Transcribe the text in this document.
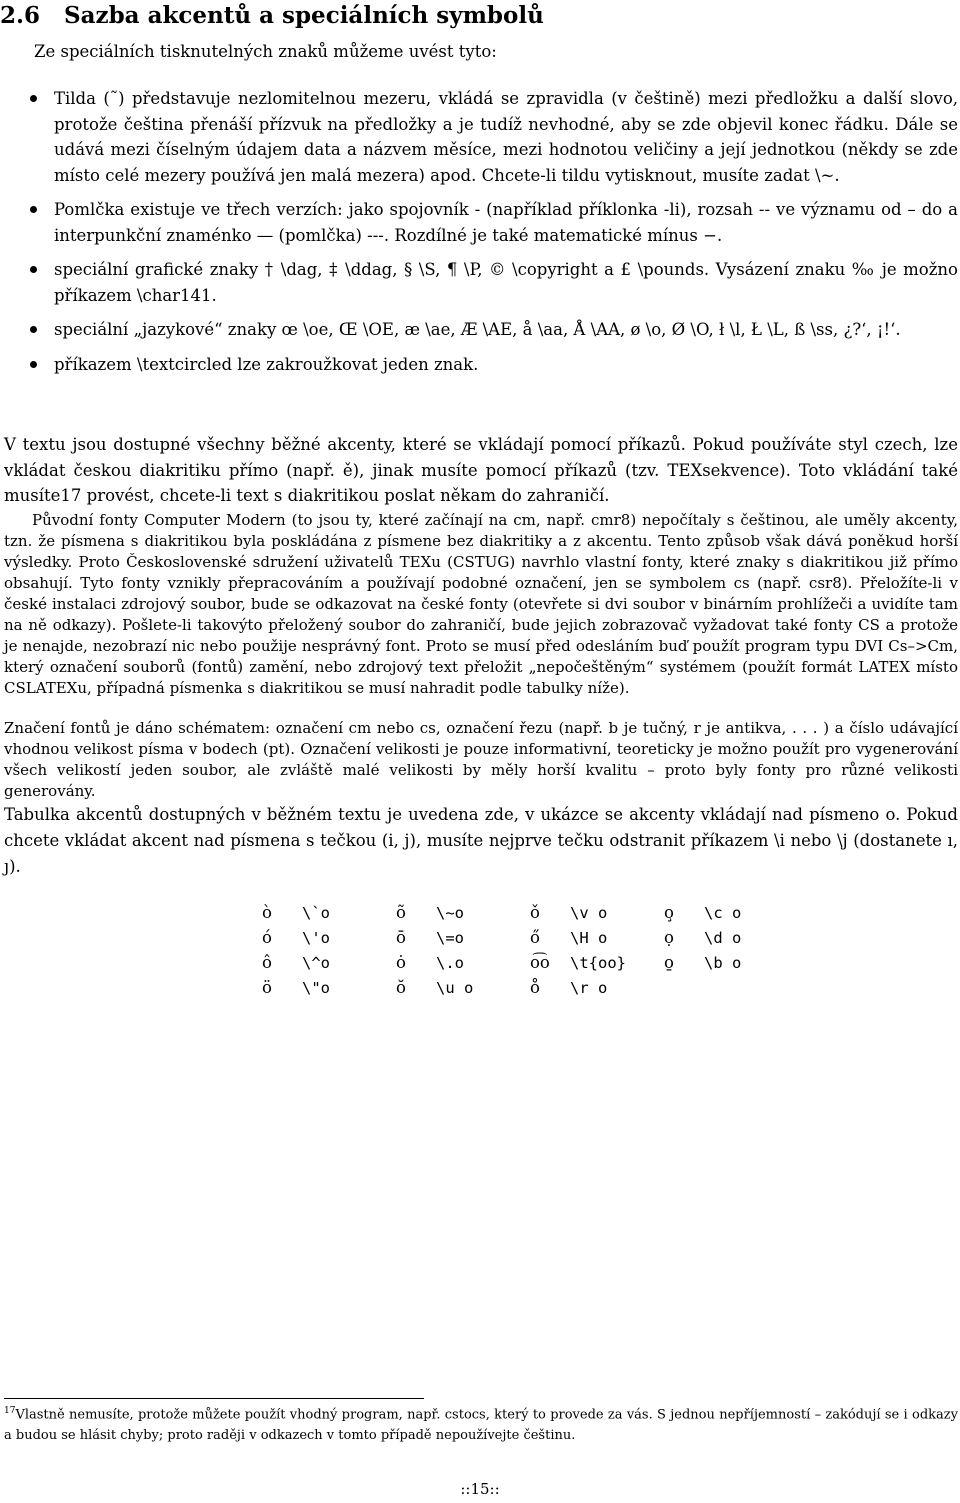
2.6 Sazba akcentů a speciálních symbolů
Ze speciálních tisknutelných znaků můžeme uvést tyto:
Tilda (˜) představuje nezlomitelnou mezeru, vkládá se zpravidla (v češtině) mezi předložku a další slovo, protože čeština přenáší přízvuk na předložky a je tudíž nevhodné, aby se zde objevil konec řádku. Dále se udává mezi číselným údajem data a názvem měsíce, mezi hodnotou veličiny a její jednotkou (někdy se zde místo celé mezery používá jen malá mezera) apod. Chcete-li tildu vytisknout, musíte zadat \~.
Pomlčka existuje ve třech verzích: jako spojovník - (například příklonka -li), rozsah -- ve významu od – do a interpunkční znaménko — (pomlčka) ---. Rozdílné je také matematické mínus −.
speciální grafické znaky † \dag, ‡ \ddag, § \S, ¶ \P, © \copyright a £ \pounds. Vysázení znaku ‰ je možno příkazem \char141.
speciální „jazykové“ znaky œ \oe, Œ \OE, æ \ae, Æ \AE, å \aa, Å \AA, ø \o, Ø \O, ł \l, Ł \L, ß \ss, ¿?‘, ¡!‘.
příkazem \textcircled lze zakroužkovat jeden znak.
V textu jsou dostupné všechny běžné akcenty, které se vkládají pomocí příkazů. Pokud používáte styl czech, lze vkládat českou diakritiku přímo (např. ě), jinak musíte pomocí příkazů (tzv. TEXsekvence). Toto vkládání také musíte17 provést, chcete-li text s diakritikou poslat někam do zahraničí.
Původní fonty Computer Modern (to jsou ty, které začínají na cm, např. cmr8) nepočítaly s češtinou, ale uměly akcenty, tzn. že písmena s diakritikou byla poskládána z písmene bez diakritiky a z akcentu. Tento způsob však dává poněkud horší výsledky. Proto Československé sdružení uživatelů TEXu (CSTUG) navrhlo vlastní fonty, které znaky s diakritikou již přímo obsahují. Tyto fonty vznikly přepracováním a používají podobné označení, jen se symbolem cs (např. csr8). Přeložíte-li v české instalaci zdrojový soubor, bude se odkazovat na české fonty (otevřete si dvi soubor v binárním prohlížeči a uvidíte tam na ně odkazy). Pošlete-li takovýto přeložený soubor do zahraničí, bude jejich zobrazovač vyžadovat také fonty CS a protože je nenajde, nezobrazí nic nebo použije nesprávný font. Proto se musí před odesláním buď použít program typu DVI Cs–>Cm, který označení souborů (fontů) zamění, nebo zdrojový text přeložit „nepočeštěným“ systémem (použít formát LATEX místo CSLATEXu, případná písmenka s diakritikou se musí nahradit podle tabulky níže).
Značení fontů je dáno schématem: označení cm nebo cs, označení řezu (např. b je tučný, r je antikva, . . . ) a číslo udávající vhodnou velikost písma v bodech (pt). Označení velikosti je pouze informativní, teoreticky je možno použít pro vygenerování všech velikostí jeden soubor, ale zvláště malé velikosti by měly horší kvalitu – proto byly fonty pro různé velikosti generovány.
Tabulka akcentů dostupných v běžném textu je uvedena zde, v ukázce se akcenty vkládají nad písmeno o. Pokud chcete vkládat akcent nad písmena s tečkou (i, j), musíte nejprve tečku odstranit příkazem \i nebo \j (dostanete ı, ȷ).
ò	\`o	õ	\~o	ǒ	\v o	o̧	\c o
ó	\'o	ō	\=o	ő	\H o	ọ	\d o
ô	\^o	ȯ	\.o	o͡o	\t{oo}	o̱	\b o
ö	\"o	ŏ	\u o	o̊	\r o		
$^{17}$Vlastně nemusíte, protože můžete použít vhodný program, např. cstocs, který to provede za vás. S jednou nepříjemností – zakódují se i odkazy a budou se hlásit chyby; proto raději v odkazech v tomto případě nepoužívejte češtinu.
::15::
